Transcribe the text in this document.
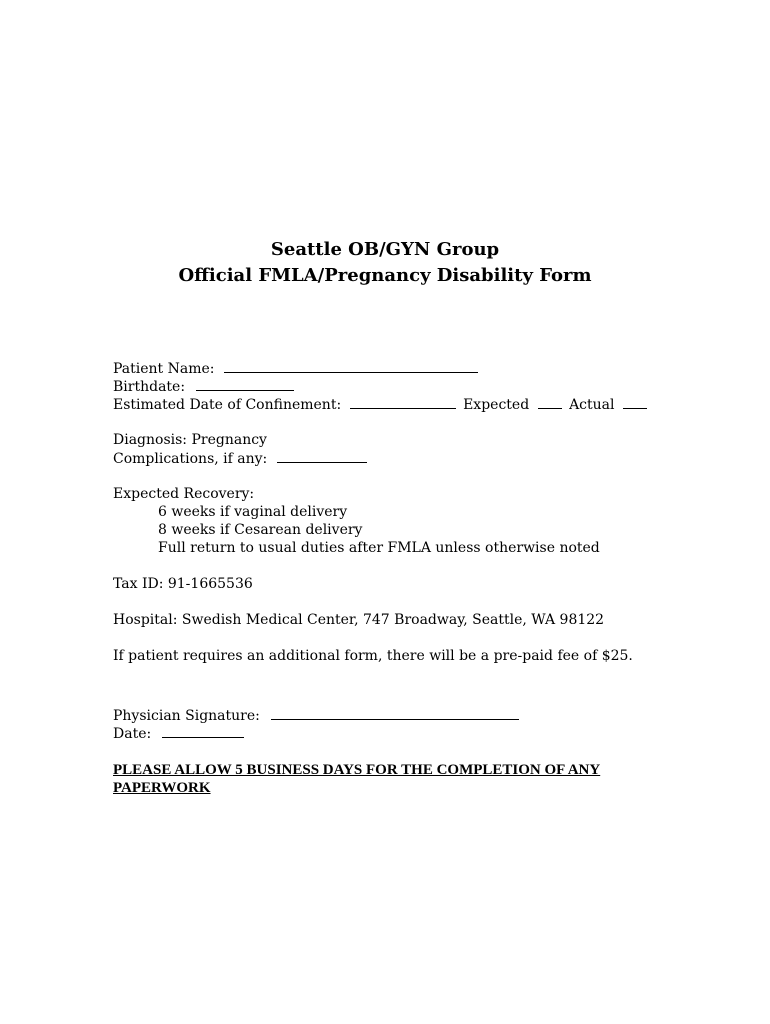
Seattle OB/GYN Group
Official FMLA/Pregnancy Disability Form
Patient Name:
Birthdate:
Estimated Date of Confinement:	Expected	Actual
Diagnosis: Pregnancy
Complications, if any:
Expected Recovery:
6 weeks if vaginal delivery
8 weeks if Cesarean delivery
Full return to usual duties after FMLA unless otherwise noted
Tax ID: 91-1665536
Hospital: Swedish Medical Center, 747 Broadway, Seattle, WA 98122
If patient requires an additional form, there will be a pre-paid fee of $25.
Physician Signature:
Date:
PLEASE ALLOW 5 BUSINESS DAYS FOR THE COMPLETION OF ANY PAPERWORK
